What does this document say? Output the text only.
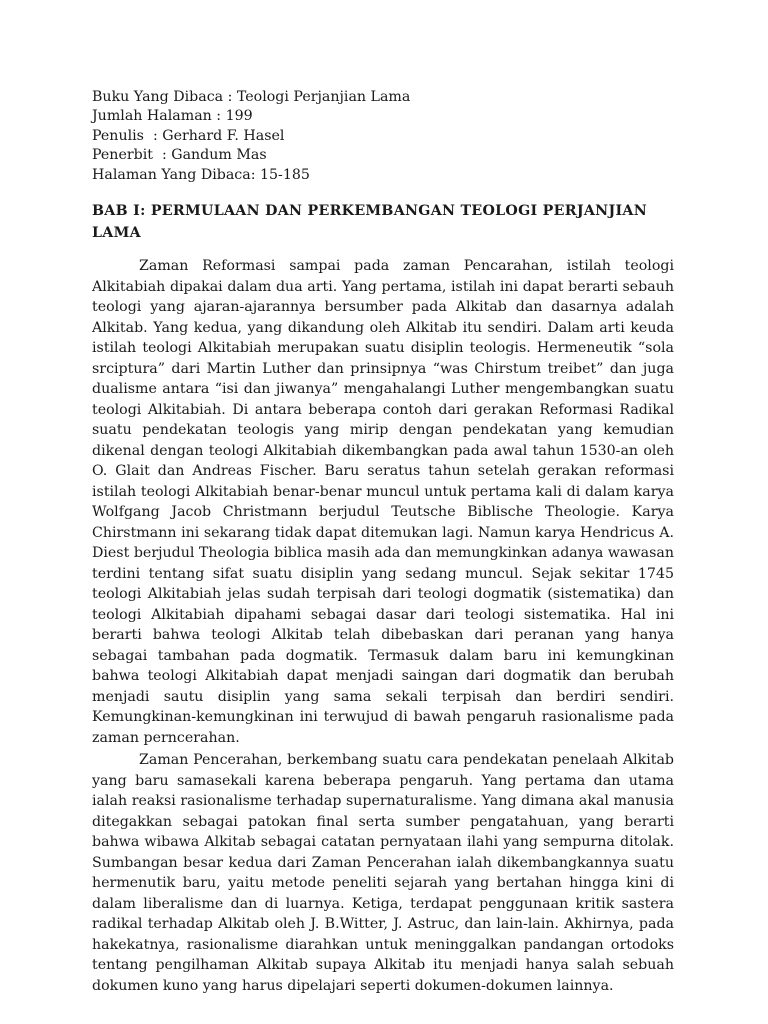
Buku Yang Dibaca : Teologi Perjanjian Lama
Jumlah Halaman : 199
Penulis  : Gerhard F. Hasel
Penerbit  : Gandum Mas
Halaman Yang Dibaca: 15-185
BAB I: PERMULAAN DAN PERKEMBANGAN TEOLOGI PERJANJIAN LAMA

Zaman Reformasi sampai pada zaman Pencarahan, istilah teologi Alkitabiah dipakai dalam dua arti. Yang pertama, istilah ini dapat berarti sebauh teologi yang ajaran-ajarannya bersumber pada Alkitab dan dasarnya adalah Alkitab. Yang kedua, yang dikandung oleh Alkitab itu sendiri. Dalam arti keuda istilah teologi Alkitabiah merupakan suatu disiplin teologis. Hermeneutik “sola srciptura” dari Martin Luther dan prinsipnya “was Chirstum treibet” dan juga dualisme antara “isi dan jiwanya” mengahalangi Luther mengembangkan suatu teologi Alkitabiah. Di antara beberapa contoh dari gerakan Reformasi Radikal suatu pendekatan teologis yang mirip dengan pendekatan yang kemudian dikenal dengan teologi Alkitabiah dikembangkan pada awal tahun 1530-an oleh O. Glait dan Andreas Fischer. Baru seratus tahun setelah gerakan reformasi istilah teologi Alkitabiah benar-benar muncul untuk pertama kali di dalam karya Wolfgang Jacob Christmann berjudul Teutsche Biblische Theologie. Karya Chirstmann ini sekarang tidak dapat ditemukan lagi. Namun karya Hendricus A. Diest berjudul Theologia biblica masih ada dan memungkinkan adanya wawasan terdini tentang sifat suatu disiplin yang sedang muncul. Sejak sekitar 1745 teologi Alkitabiah jelas sudah terpisah dari teologi dogmatik (sistematika) dan teologi Alkitabiah dipahami sebagai dasar dari teologi sistematika. Hal ini berarti bahwa teologi Alkitab telah dibebaskan dari peranan yang hanya sebagai tambahan pada dogmatik. Termasuk dalam baru ini kemungkinan bahwa teologi Alkitabiah dapat menjadi saingan dari dogmatik dan berubah menjadi sautu disiplin yang sama sekali terpisah dan berdiri sendiri. Kemungkinan-kemungkinan ini terwujud di bawah pengaruh rasionalisme pada zaman perncerahan.

Zaman Pencerahan, berkembang suatu cara pendekatan penelaah Alkitab yang baru samasekali karena beberapa pengaruh. Yang pertama dan utama ialah reaksi rasionalisme terhadap supernaturalisme. Yang dimana akal manusia ditegakkan sebagai patokan final serta sumber pengatahuan, yang berarti bahwa wibawa Alkitab sebagai catatan pernyataan ilahi yang sempurna ditolak. Sumbangan besar kedua dari Zaman Pencerahan ialah dikembangkannya suatu hermenutik baru, yaitu metode peneliti sejarah yang bertahan hingga kini di dalam liberalisme dan di luarnya. Ketiga, terdapat penggunaan kritik sastera radikal terhadap Alkitab oleh J. B.Witter, J. Astruc, dan lain-lain. Akhirnya, pada hakekatnya, rasionalisme diarahkan untuk meninggalkan pandangan ortodoks tentang pengilhaman Alkitab supaya Alkitab itu menjadi hanya salah sebuah dokumen kuno yang harus dipelajari seperti dokumen-dokumen lainnya.
